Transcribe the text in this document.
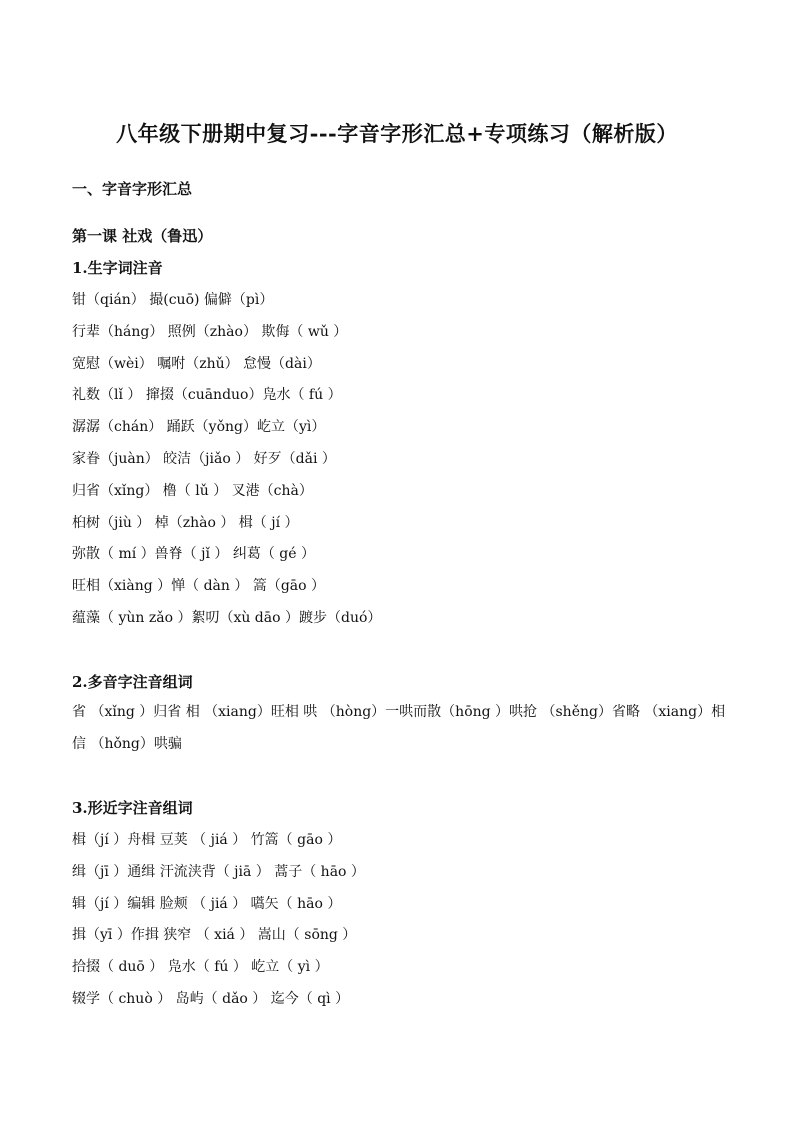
八年级下册期中复习---字音字形汇总+专项练习（解析版）
一、字音字形汇总
第一课 社戏（鲁迅）
1.生字词注音
钳（qián） 撮(cuō) 偏僻（pì）
行辈（háng） 照例（zhào） 欺侮（ wǔ ）
宽慰（wèi） 嘱咐（zhǔ） 怠慢（dài）
礼数（lǐ ） 撺掇（cuānduo）凫水（ fú ）
潺潺（chán） 踊跃（yǒng）屹立（yì）
家眷（juàn） 皎洁（jiǎo ） 好歹（dǎi ）
归省（xǐng） 橹（ lǔ ） 叉港（chà）
桕树（jiù ） 棹（zhào ） 楫（ jí ）
弥散（ mí ）兽脊（ jǐ ） 纠葛（ gé ）
旺相（xiàng ）惮（ dàn ） 篙（gāo ）
蕴藻（ yùn zǎo ）絮叨（xù dāo ）踱步（duó）
2.多音字注音组词
省 （xǐng ）归省 相 （xiang）旺相 哄 （hòng）一哄而散（hōng ）哄抢 （shěng）省略 （xiang）相信 （hǒng）哄骗
3.形近字注音组词
楫（jí ）舟楫 豆荚 （ jiá ） 竹篙（ gāo ）
缉（jī ）通缉 汗流浃背（ jiā ） 蒿子（ hāo ）
辑（jí ）编辑 脸颊 （ jiá ） 嚆矢（ hāo ）
揖（yī ）作揖 狭窄 （ xiá ） 嵩山（ sōng ）
拾掇（ duō ） 凫水（ fú ） 屹立（ yì ）
辍学（ chuò ） 岛屿（ dǎo ） 迄今（ qì ）
